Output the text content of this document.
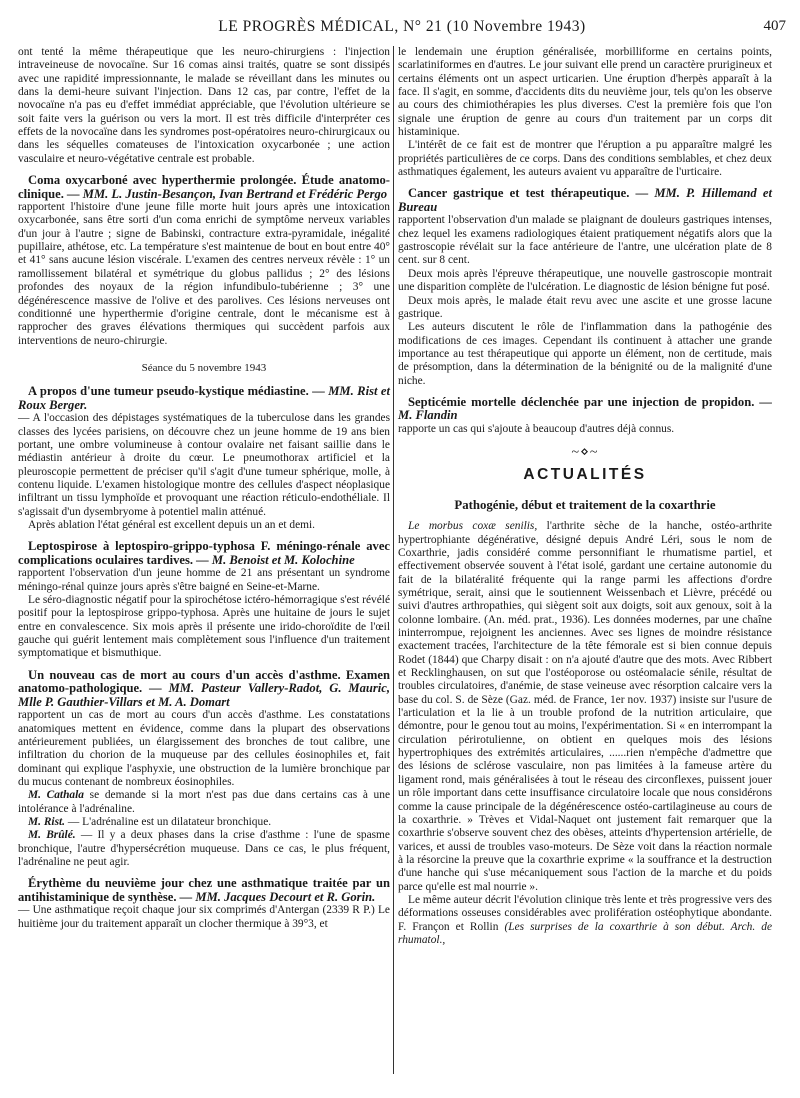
LE PROGRÈS MÉDICAL, N° 21 (10 Novembre 1943)	407

ont tenté la même thérapeutique que les neuro-chirurgiens : l'injection intraveineuse de novocaïne. Sur 16 comas ainsi traités, quatre se sont dissipés avec une rapidité impressionnante, le malade se réveillant dans les minutes ou dans la demi-heure suivant l'injection. Dans 12 cas, par contre, l'effet de la novocaïne n'a pas eu d'effet immédiat appréciable, que l'évolution ultérieure se soit faite vers la guérison ou vers la mort. Il est très difficile d'interpréter ces effets de la novocaïne dans les syndromes post-opératoires neuro-chirurgicaux ou dans les séquelles comateuses de l'intoxication oxycarbonée ; une action vasculaire et neuro-végétative centrale est probable.

Coma oxycarboné avec hyperthermie prolongée. Étude anatomo-clinique. — MM. L. Justin-Besançon, Ivan Bertrand et Frédéric Pergo

rapportent l'histoire d'une jeune fille morte huit jours après une intoxication oxycarbonée, sans être sorti d'un coma enrichi de symptôme nerveux variables d'un jour à l'autre ; signe de Babinski, contracture extra-pyramidale, inégalité pupillaire, athétose, etc. La température s'est maintenue de bout en bout entre 40° et 41° sans aucune lésion viscérale. L'examen des centres nerveux révèle : 1° un ramollissement bilatéral et symétrique du globus pallidus ; 2° des lésions profondes des noyaux de la région infundibulo-tubérienne ; 3° une dégénérescence massive de l'olive et des parolives. Ces lésions nerveuses ont conditionné une hyperthermie d'origine centrale, dont le mécanisme est à rapprocher des graves élévations thermiques qui succèdent parfois aux interventions de neuro-chirurgie.

Séance du 5 novembre 1943
A propos d'une tumeur pseudo-kystique médiastine. — MM. Rist et Roux Berger.

— A l'occasion des dépistages systématiques de la tuberculose dans les grandes classes des lycées parisiens, on découvre chez un jeune homme de 19 ans bien portant, une ombre volumineuse à contour ovalaire net faisant saillie dans le médiastin antérieur à droite du cœur. Le pneumothorax artificiel et la pleuroscopie permettent de préciser qu'il s'agit d'une tumeur sphérique, molle, à contenu liquide. L'examen histologique montre des cellules d'aspect néoplasique infiltrant un tissu lymphoïde et provoquant une réaction réticulo-endothéliale. Il s'agissait d'un dysembryome à potentiel malin atténué.

Après ablation l'état général est excellent depuis un an et demi.

Leptospirose à leptospiro-grippo-typhosa F. méningo-rénale avec complications oculaires tardives. — M. Benoist et M. Kolochine

rapportent l'observation d'un jeune homme de 21 ans présentant un syndrome méningo-rénal quinze jours après s'être baigné en Seine-et-Marne.

Le séro-diagnostic négatif pour la spirochétose ictéro-hémorragique s'est révélé positif pour la leptospirose grippo-typhosa. Après une huitaine de jours le sujet entre en convalescence. Six mois après il présente une irido-choroïdite de l'œil gauche qui guérit lentement mais complètement sous l'influence d'un traitement symptomatique et bismuthique.

Un nouveau cas de mort au cours d'un accès d'asthme. Examen anatomo-pathologique. — MM. Pasteur Vallery-Radot, G. Mauric, Mlle P. Gauthier-Villars et M. A. Domart

rapportent un cas de mort au cours d'un accès d'asthme. Les constatations anatomiques mettent en évidence, comme dans la plupart des observations antérieurement publiées, un élargissement des bronches de tout calibre, une infiltration du chorion de la muqueuse par des cellules éosinophiles et, fait dominant qui explique l'asphyxie, une obstruction de la lumière bronchique par du mucus contenant de nombreux éosinophiles.

M. Cathala se demande si la mort n'est pas due dans certains cas à une intolérance à l'adrénaline.

M. Rist. — L'adrénaline est un dilatateur bronchique.

M. Brûlé. — Il y a deux phases dans la crise d'asthme : l'une de spasme bronchique, l'autre d'hypersécrétion muqueuse. Dans ce cas, le plus fréquent, l'adrénaline ne peut agir.

Érythème du neuvième jour chez une asthmatique traitée par un antihistaminique de synthèse. — MM. Jacques Decourt et R. Gorin.

— Une asthmatique reçoit chaque jour six comprimés d'Antergan (2339 R P.) Le huitième jour du traitement apparaît un clocher thermique à 39°3, et

le lendemain une éruption généralisée, morbilliforme en certains points, scarlatiniformes en d'autres. Le jour suivant elle prend un caractère prurigineux et certains éléments ont un aspect urticarien. Une éruption d'herpès apparaît à la face. Il s'agit, en somme, d'accidents dits du neuvième jour, tels qu'on les observe au cours des chimiothérapies les plus diverses. C'est la première fois que l'on signale une éruption de genre au cours d'un traitement par un corps dit histaminique.

L'intérêt de ce fait est de montrer que l'éruption a pu apparaître malgré les propriétés particulières de ce corps. Dans des conditions semblables, et chez deux asthmatiques également, les auteurs avaient vu apparaître de l'urticaire.

Cancer gastrique et test thérapeutique. — MM. P. Hillemand et Bureau

rapportent l'observation d'un malade se plaignant de douleurs gastriques intenses, chez lequel les examens radiologiques étaient pratiquement négatifs alors que la gastroscopie révélait sur la face antérieure de l'antre, une ulcération plate de 8 cent. sur 8 cent.

Deux mois après l'épreuve thérapeutique, une nouvelle gastroscopie montrait une disparition complète de l'ulcération. Le diagnostic de lésion bénigne fut posé.

Deux mois après, le malade était revu avec une ascite et une grosse lacune gastrique.

Les auteurs discutent le rôle de l'inflammation dans la pathogénie des modifications de ces images. Cependant ils continuent à attacher une grande importance au test thérapeutique qui apporte un élément, non de certitude, mais de présomption, dans la détermination de la bénignité ou de la malignité d'une niche.

Septicémie mortelle déclenchée par une injection de propidon. — M. Flandin

rapporte un cas qui s'ajoute à beaucoup d'autres déjà connus.

~⋄~
ACTUALITÉS
Pathogénie, début et traitement de la coxarthrie

Le morbus coxæ senilis, l'arthrite sèche de la hanche, ostéo-arthrite hypertrophiante dégénérative, désigné depuis André Léri, sous le nom de Coxarthrie, jadis considéré comme personnifiant le rhumatisme partiel, et effectivement observée souvent à l'état isolé, gardant une certaine autonomie du fait de la bilatéralité fréquente qui la range parmi les affections d'ordre symétrique, serait, ainsi que le soutiennent Weissenbach et Lièvre, précédé ou suivi d'autres arthropathies, qui siègent soit aux doigts, soit aux genoux, soit à la colonne lombaire. (An. méd. prat., 1936). Les données modernes, par une chaîne ininterrompue, rejoignent les anciennes. Avec ses lignes de moindre résistance exactement tracées, l'architecture de la tête fémorale est si bien connue depuis Rodet (1844) que Charpy disait : on n'a ajouté d'autre que des mots. Avec Ribbert et Recklinghausen, on sut que l'ostéoporose ou ostéomalacie sénile, résultat de troubles circulatoires, d'anémie, de stase veineuse avec résorption calcaire vers la base du col. S. de Sèze (Gaz. méd. de France, 1er nov. 1937) insiste sur l'usure de l'articulation et la lie à un trouble profond de la nutrition articulaire, que démontre, pour le genou tout au moins, l'expérimentation. Si « en interrompant la circulation périrotulienne, on obtient en quelques mois des lésions hypertrophiques des extrémités articulaires, ......rien n'empêche d'admettre que des lésions de sclérose vasculaire, non pas limitées à la fameuse artère du ligament rond, mais généralisées à tout le réseau des circonflexes, puissent jouer un rôle important dans cette insuffisance circulatoire locale que nous considérons comme la cause principale de la dégénérescence ostéo-cartilagineuse au cours de la coxarthrie. » Trèves et Vidal-Naquet ont justement fait remarquer que la coxarthrie s'observe souvent chez des obèses, atteints d'hypertension artérielle, de varices, et aussi de troubles vaso-moteurs. De Sèze voit dans la réaction normale à la résorcine la preuve que la coxarthrie exprime « la souffrance et la destruction d'une hanche qui s'use mécaniquement sous l'action de la marche et du poids parce qu'elle est mal nourrie ».

Le même auteur décrit l'évolution clinique très lente et très progressive vers des déformations osseuses considérables avec prolifération ostéophytique abondante. F. Françon et Rollin (Les surprises de la coxarthrie à son début. Arch. de rhumatol.,
